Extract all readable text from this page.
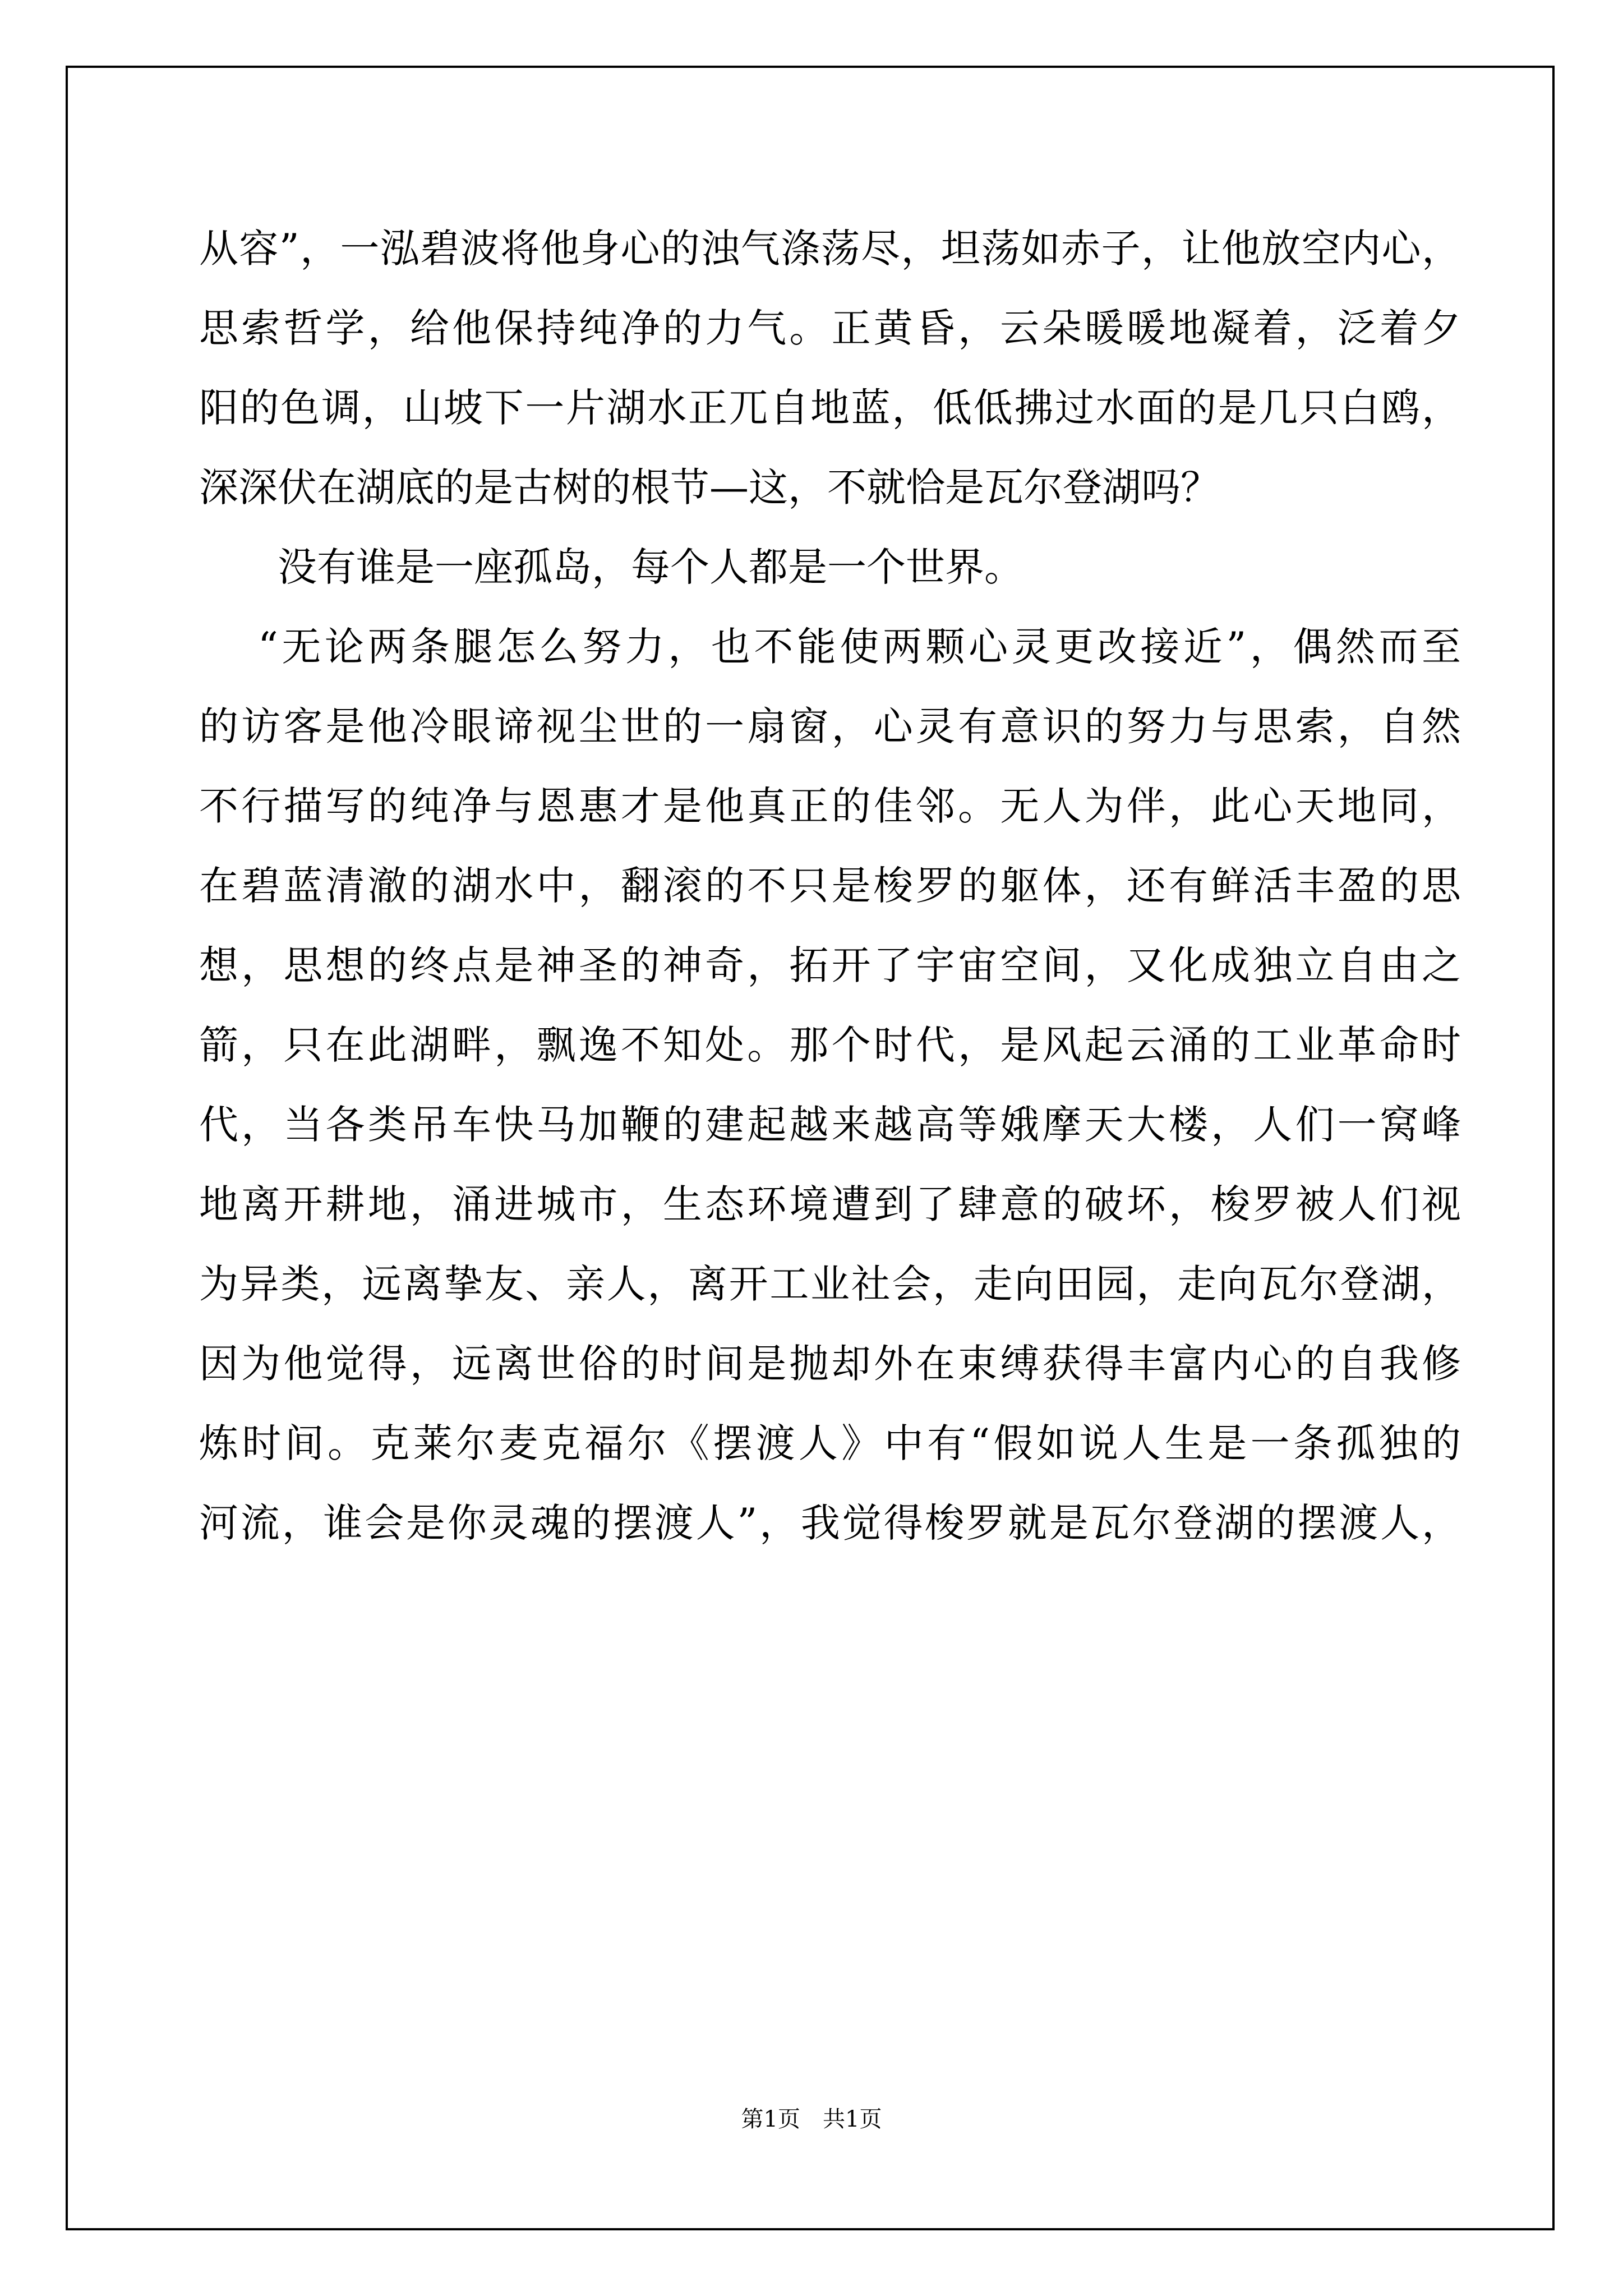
从容”，一泓碧波将他身心的浊气涤荡尽，坦荡如赤子，让他放空内心，
思索哲学，给他保持纯净的力气。正黄昏，云朵暖暖地凝着，泛着夕
阳的色调，山坡下一片湖水正兀自地蓝，低低拂过水面的是几只白鸥，
深深伏在湖底的是古树的根节—这，不就恰是瓦尔登湖吗？
没有谁是一座孤岛，每个人都是一个世界。
“无论两条腿怎么努力，也不能使两颗心灵更改接近”，偶然而至
的访客是他冷眼谛视尘世的一扇窗，心灵有意识的努力与思索，自然
不行描写的纯净与恩惠才是他真正的佳邻。无人为伴，此心天地同，
在碧蓝清澈的湖水中，翻滚的不只是梭罗的躯体，还有鲜活丰盈的思
想，思想的终点是神圣的神奇，拓开了宇宙空间，又化成独立自由之
箭，只在此湖畔，飘逸不知处。那个时代，是风起云涌的工业革命时
代，当各类吊车快马加鞭的建起越来越高等娥摩天大楼，人们一窝峰
地离开耕地，涌进城市，生态环境遭到了肆意的破坏，梭罗被人们视
为异类，远离挚友、亲人，离开工业社会，走向田园，走向瓦尔登湖，
因为他觉得，远离世俗的时间是抛却外在束缚获得丰富内心的自我修
炼时间。克莱尔麦克福尔《摆渡人》中有“假如说人生是一条孤独的
河流，谁会是你灵魂的摆渡人”，我觉得梭罗就是瓦尔登湖的摆渡人，
第1页　共1页
